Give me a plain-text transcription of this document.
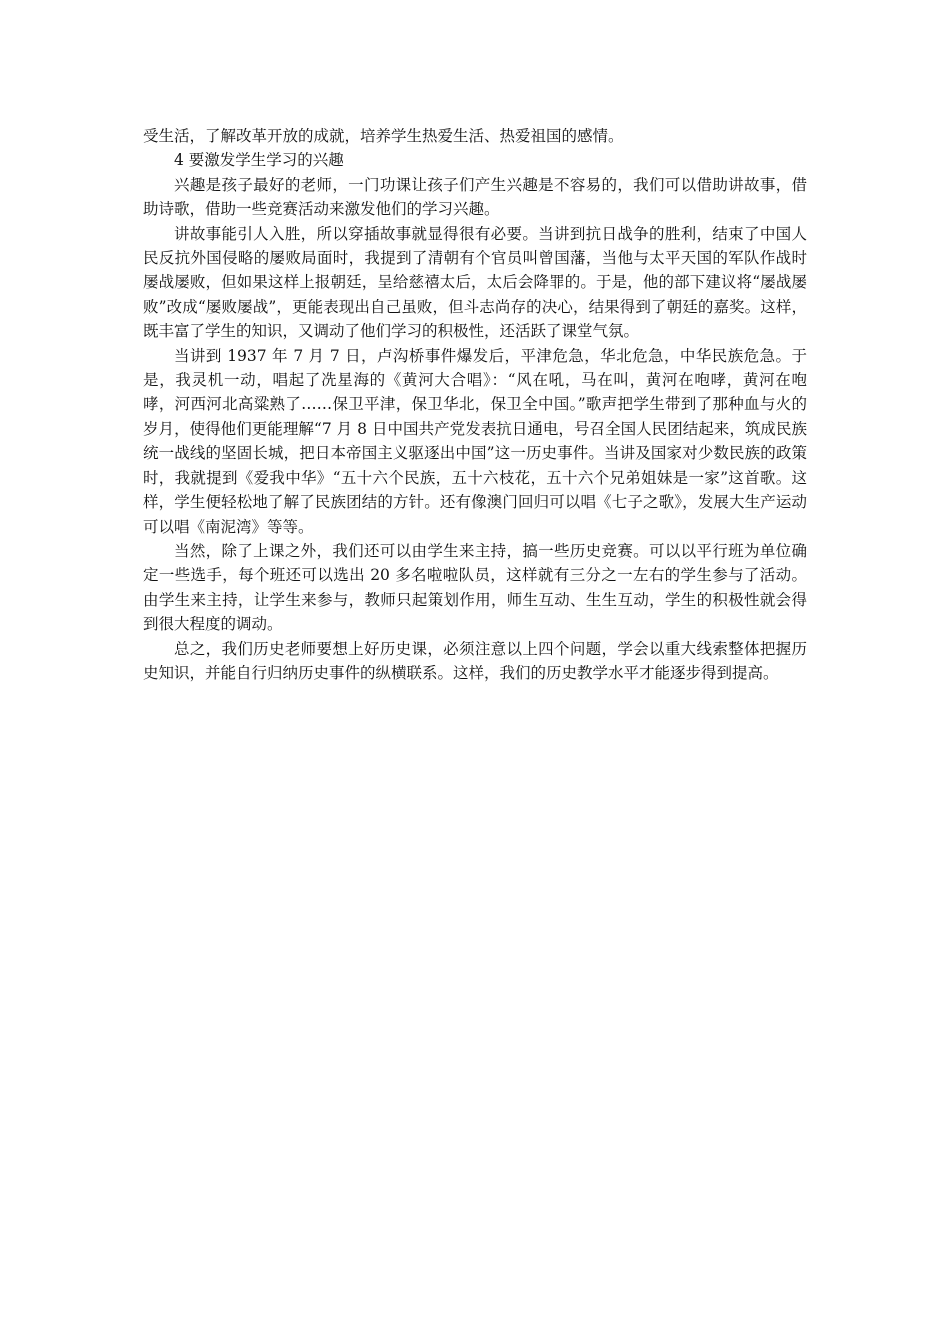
受生活，了解改革开放的成就，培养学生热爱生活、热爱祖国的感情。

4 要激发学生学习的兴趣

兴趣是孩子最好的老师，一门功课让孩子们产生兴趣是不容易的，我们可以借助讲故事，借助诗歌，借助一些竞赛活动来激发他们的学习兴趣。

讲故事能引人入胜，所以穿插故事就显得很有必要。当讲到抗日战争的胜利，结束了中国人民反抗外国侵略的屡败局面时，我提到了清朝有个官员叫曾国藩，当他与太平天国的军队作战时屡战屡败，但如果这样上报朝廷，呈给慈禧太后，太后会降罪的。于是，他的部下建议将“屡战屡败”改成“屡败屡战”，更能表现出自己虽败，但斗志尚存的决心，结果得到了朝廷的嘉奖。这样，既丰富了学生的知识，又调动了他们学习的积极性，还活跃了课堂气氛。

当讲到 1937 年 7 月 7 日，卢沟桥事件爆发后，平津危急，华北危急，中华民族危急。于是，我灵机一动，唱起了冼星海的《黄河大合唱》：“风在吼，马在叫，黄河在咆哮，黄河在咆哮，河西河北高粱熟了……保卫平津，保卫华北，保卫全中国。”歌声把学生带到了那种血与火的岁月，使得他们更能理解“7 月 8 日中国共产党发表抗日通电，号召全国人民团结起来，筑成民族统一战线的坚固长城，把日本帝国主义驱逐出中国”这一历史事件。当讲及国家对少数民族的政策时，我就提到《爱我中华》“五十六个民族，五十六枝花，五十六个兄弟姐妹是一家”这首歌。这样，学生便轻松地了解了民族团结的方针。还有像澳门回归可以唱《七子之歌》，发展大生产运动可以唱《南泥湾》等等。

当然，除了上课之外，我们还可以由学生来主持，搞一些历史竞赛。可以以平行班为单位确定一些选手，每个班还可以选出 20 多名啦啦队员，这样就有三分之一左右的学生参与了活动。由学生来主持，让学生来参与，教师只起策划作用，师生互动、生生互动，学生的积极性就会得到很大程度的调动。

总之，我们历史老师要想上好历史课，必须注意以上四个问题，学会以重大线索整体把握历史知识，并能自行归纳历史事件的纵横联系。这样，我们的历史教学水平才能逐步得到提高。
